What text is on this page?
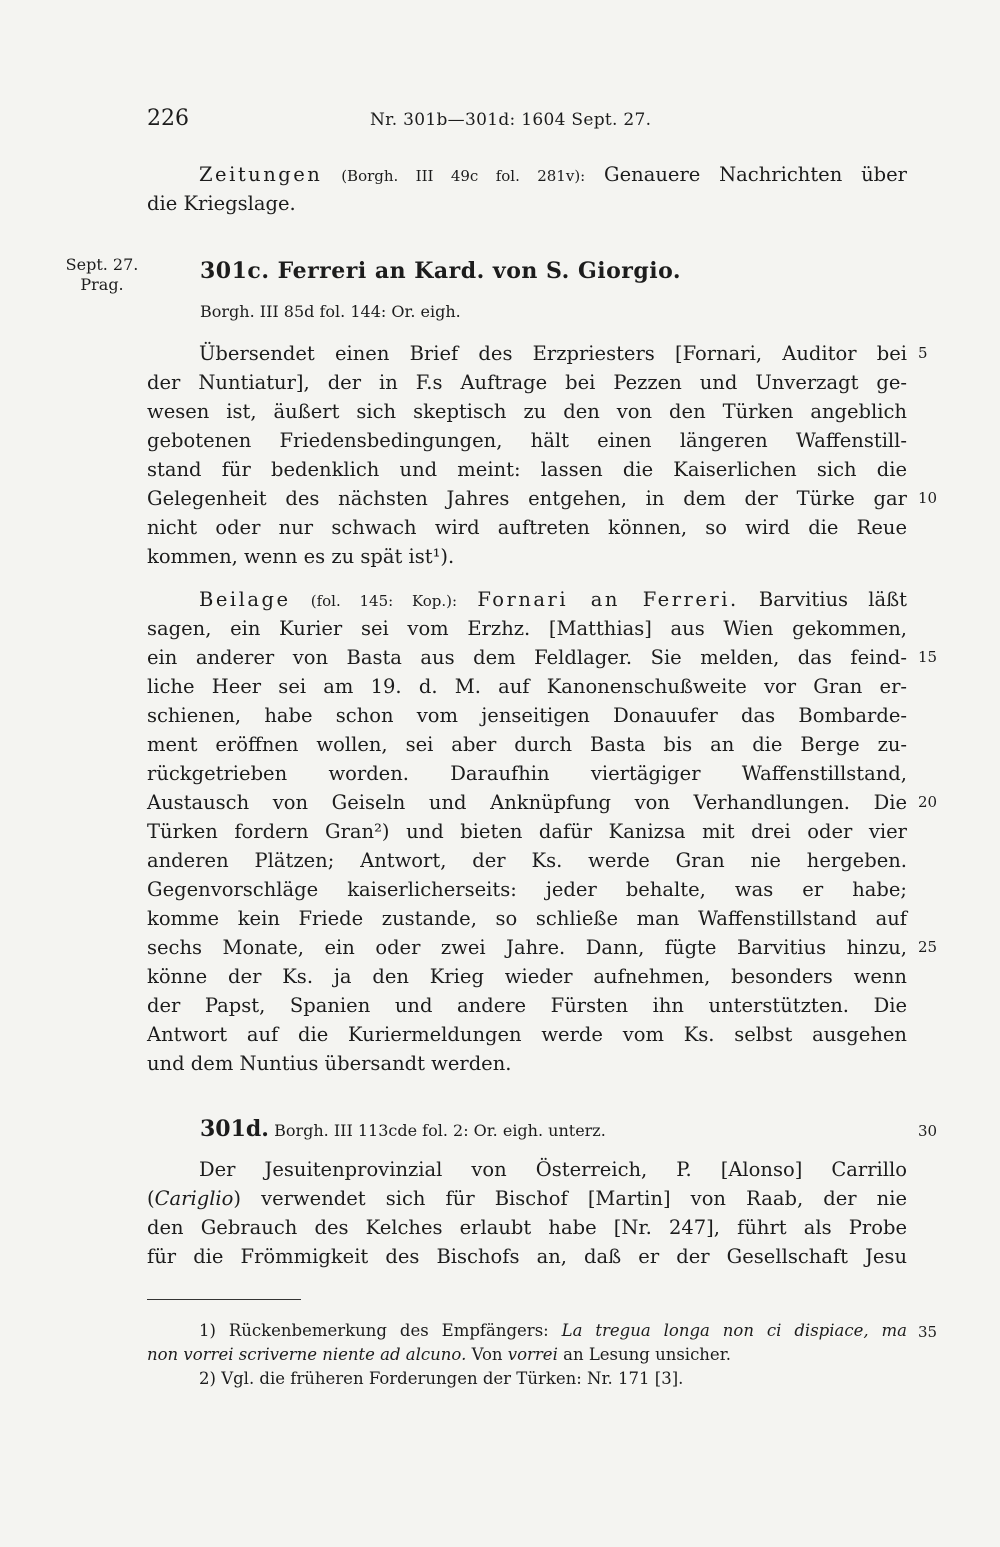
226	Nr. 301b—301d: 1604 Sept. 27.
Zeitungen (Borgh. III 49c fol. 281v): Genauere Nachrichten über
die Kriegslage.
Sept. 27.
Prag.
301c. Ferreri an Kard. von S. Giorgio.
Borgh. III 85d fol. 144: Or. eigh.
Übersendet einen Brief des Erzpriesters [Fornari, Auditor bei
der Nuntiatur], der in F.s Auftrage bei Pezzen und Unverzagt ge-
wesen ist, äußert sich skeptisch zu den von den Türken angeblich
gebotenen Friedensbedingungen, hält einen längeren Waffenstill-
stand für bedenklich und meint: lassen die Kaiserlichen sich die
Gelegenheit des nächsten Jahres entgehen, in dem der Türke gar
nicht oder nur schwach wird auftreten können, so wird die Reue
kommen, wenn es zu spät ist¹).
Beilage (fol. 145: Kop.): Fornari an Ferreri. Barvitius läßt
sagen, ein Kurier sei vom Erzhz. [Matthias] aus Wien gekommen,
ein anderer von Basta aus dem Feldlager. Sie melden, das feind-
liche Heer sei am 19. d. M. auf Kanonenschußweite vor Gran er-
schienen, habe schon vom jenseitigen Donauufer das Bombarde-
ment eröffnen wollen, sei aber durch Basta bis an die Berge zu-
rückgetrieben worden. Daraufhin viertägiger Waffenstillstand,
Austausch von Geiseln und Anknüpfung von Verhandlungen. Die
Türken fordern Gran²) und bieten dafür Kanizsa mit drei oder vier
anderen Plätzen; Antwort, der Ks. werde Gran nie hergeben.
Gegenvorschläge kaiserlicherseits: jeder behalte, was er habe;
komme kein Friede zustande, so schließe man Waffenstillstand auf
sechs Monate, ein oder zwei Jahre. Dann, fügte Barvitius hinzu,
könne der Ks. ja den Krieg wieder aufnehmen, besonders wenn
der Papst, Spanien und andere Fürsten ihn unterstützten. Die
Antwort auf die Kuriermeldungen werde vom Ks. selbst ausgehen
und dem Nuntius übersandt werden.
301d. Borgh. III 113cde fol. 2: Or. eigh. unterz.
Der Jesuitenprovinzial von Österreich, P. [Alonso] Carrillo
(Cariglio) verwendet sich für Bischof [Martin] von Raab, der nie
den Gebrauch des Kelches erlaubt habe [Nr. 247], führt als Probe
für die Frömmigkeit des Bischofs an, daß er der Gesellschaft Jesu
1) Rückenbemerkung des Empfängers: La tregua longa non ci dispiace, ma
non vorrei scriverne niente ad alcuno. Von vorrei an Lesung unsicher.
2) Vgl. die früheren Forderungen der Türken: Nr. 171 [3].
5
10
15
20
25
30
35
